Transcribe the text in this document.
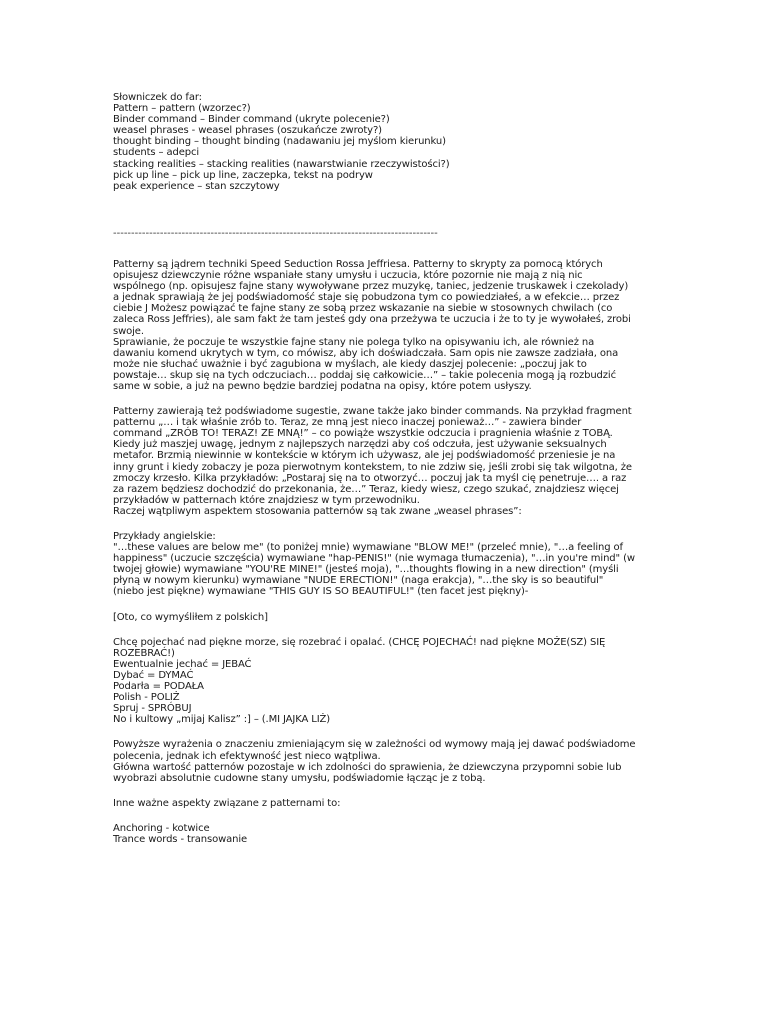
Słowniczek do far:
Pattern – pattern (wzorzec?)
Binder command – Binder command (ukryte polecenie?)
weasel phrases - weasel phrases (oszukańcze zwroty?)
thought binding – thought binding (nadawaniu jej myślom kierunku)
students – adepci
stacking realities – stacking realities (nawarstwianie rzeczywistości?)
pick up line – pick up line, zaczepka, tekst na podryw
peak experience – stan szczytowy
------------------------------------------------------------------------------------------
Patterny są jądrem techniki Speed Seduction Rossa Jeffriesa. Patterny to skrypty za pomocą których
opisujesz dziewczynie różne wspaniałe stany umysłu i uczucia, które pozornie nie mają z nią nic
wspólnego (np. opisujesz fajne stany wywoływane przez muzykę, taniec, jedzenie truskawek i czekolady)
a jednak sprawiają że jej podświadomość staje się pobudzona tym co powiedziałeś, a w efekcie… przez
ciebie J Możesz powiązać te fajne stany ze sobą przez wskazanie na siebie w stosownych chwilach (co
zaleca Ross Jeffries), ale sam fakt że tam jesteś gdy ona przeżywa te uczucia i że to ty je wywołałeś, zrobi
swoje.
Sprawianie, że poczuje te wszystkie fajne stany nie polega tylko na opisywaniu ich, ale również na
dawaniu komend ukrytych w tym, co mówisz, aby ich doświadczała. Sam opis nie zawsze zadziała, ona
może nie słuchać uważnie i być zagubiona w myślach, ale kiedy daszjej polecenie: „poczuj jak to
powstaje… skup się na tych odczuciach… poddaj się całkowicie…” – takie polecenia mogą ją rozbudzić
same w sobie, a już na pewno będzie bardziej podatna na opisy, które potem usłyszy.
Patterny zawierają też podświadome sugestie, zwane także jako binder commands. Na przykład fragment
patternu „… i tak właśnie zrób to. Teraz, ze mną jest nieco inaczej ponieważ…” - zawiera binder
command „ZRÓB TO! TERAZ! ZE MNĄ!” – co powiąże wszystkie odczucia i pragnienia właśnie z TOBĄ.
Kiedy już maszjej uwagę, jednym z najlepszych narzędzi aby coś odczuła, jest używanie seksualnych
metafor. Brzmią niewinnie w kontekście w którym ich używasz, ale jej podświadomość przeniesie je na
inny grunt i kiedy zobaczy je poza pierwotnym kontekstem, to nie zdziw się, jeśli zrobi się tak wilgotna, że
zmoczy krzesło. Kilka przykładów: „Postaraj się na to otworzyć… poczuj jak ta myśl cię penetruje…. a raz
za razem będziesz dochodzić do przekonania, że…” Teraz, kiedy wiesz, czego szukać, znajdziesz więcej
przykładów w patternach które znajdziesz w tym przewodniku.
Raczej wątpliwym aspektem stosowania patternów są tak zwane „weasel phrases”:
Przykłady angielskie:
"…these values are below me" (to poniżej mnie) wymawiane "BLOW ME!" (przeleć mnie), "…a feeling of
happiness" (uczucie szczęścia) wymawiane "hap-PENIS!" (nie wymaga tłumaczenia), "…in you're mind" (w
twojej głowie) wymawiane "YOU'RE MINE!" (jesteś moja), "…thoughts flowing in a new direction" (myśli
płyną w nowym kierunku) wymawiane "NUDE ERECTION!" (naga erakcja), "…the sky is so beautiful"
(niebo jest piękne) wymawiane "THIS GUY IS SO BEAUTIFUL!" (ten facet jest piękny)-
[Oto, co wymyśliłem z polskich]
Chcę pojechać nad piękne morze, się rozebrać i opalać. (CHCĘ POJECHAĆ! nad piękne MOŻE(SZ) SIĘ
ROZEBRAĆ!)
Ewentualnie jechać = JEBAĆ
Dybać = DYMAĆ
Podarła = PODAŁA
Polish - POLIŻ
Spruj - SPRÓBUJ
No i kultowy „mijaj Kalisz” :] – (.MI JAJKA LIŻ)
Powyższe wyrażenia o znaczeniu zmieniającym się w zależności od wymowy mają jej dawać podświadome
polecenia, jednak ich efektywność jest nieco wątpliwa.
Główna wartość patternów pozostaje w ich zdolności do sprawienia, że dziewczyna przypomni sobie lub
wyobrazi absolutnie cudowne stany umysłu, podświadomie łącząc je z tobą.
Inne ważne aspekty związane z patternami to:
Anchoring - kotwice
Trance words - transowanie
